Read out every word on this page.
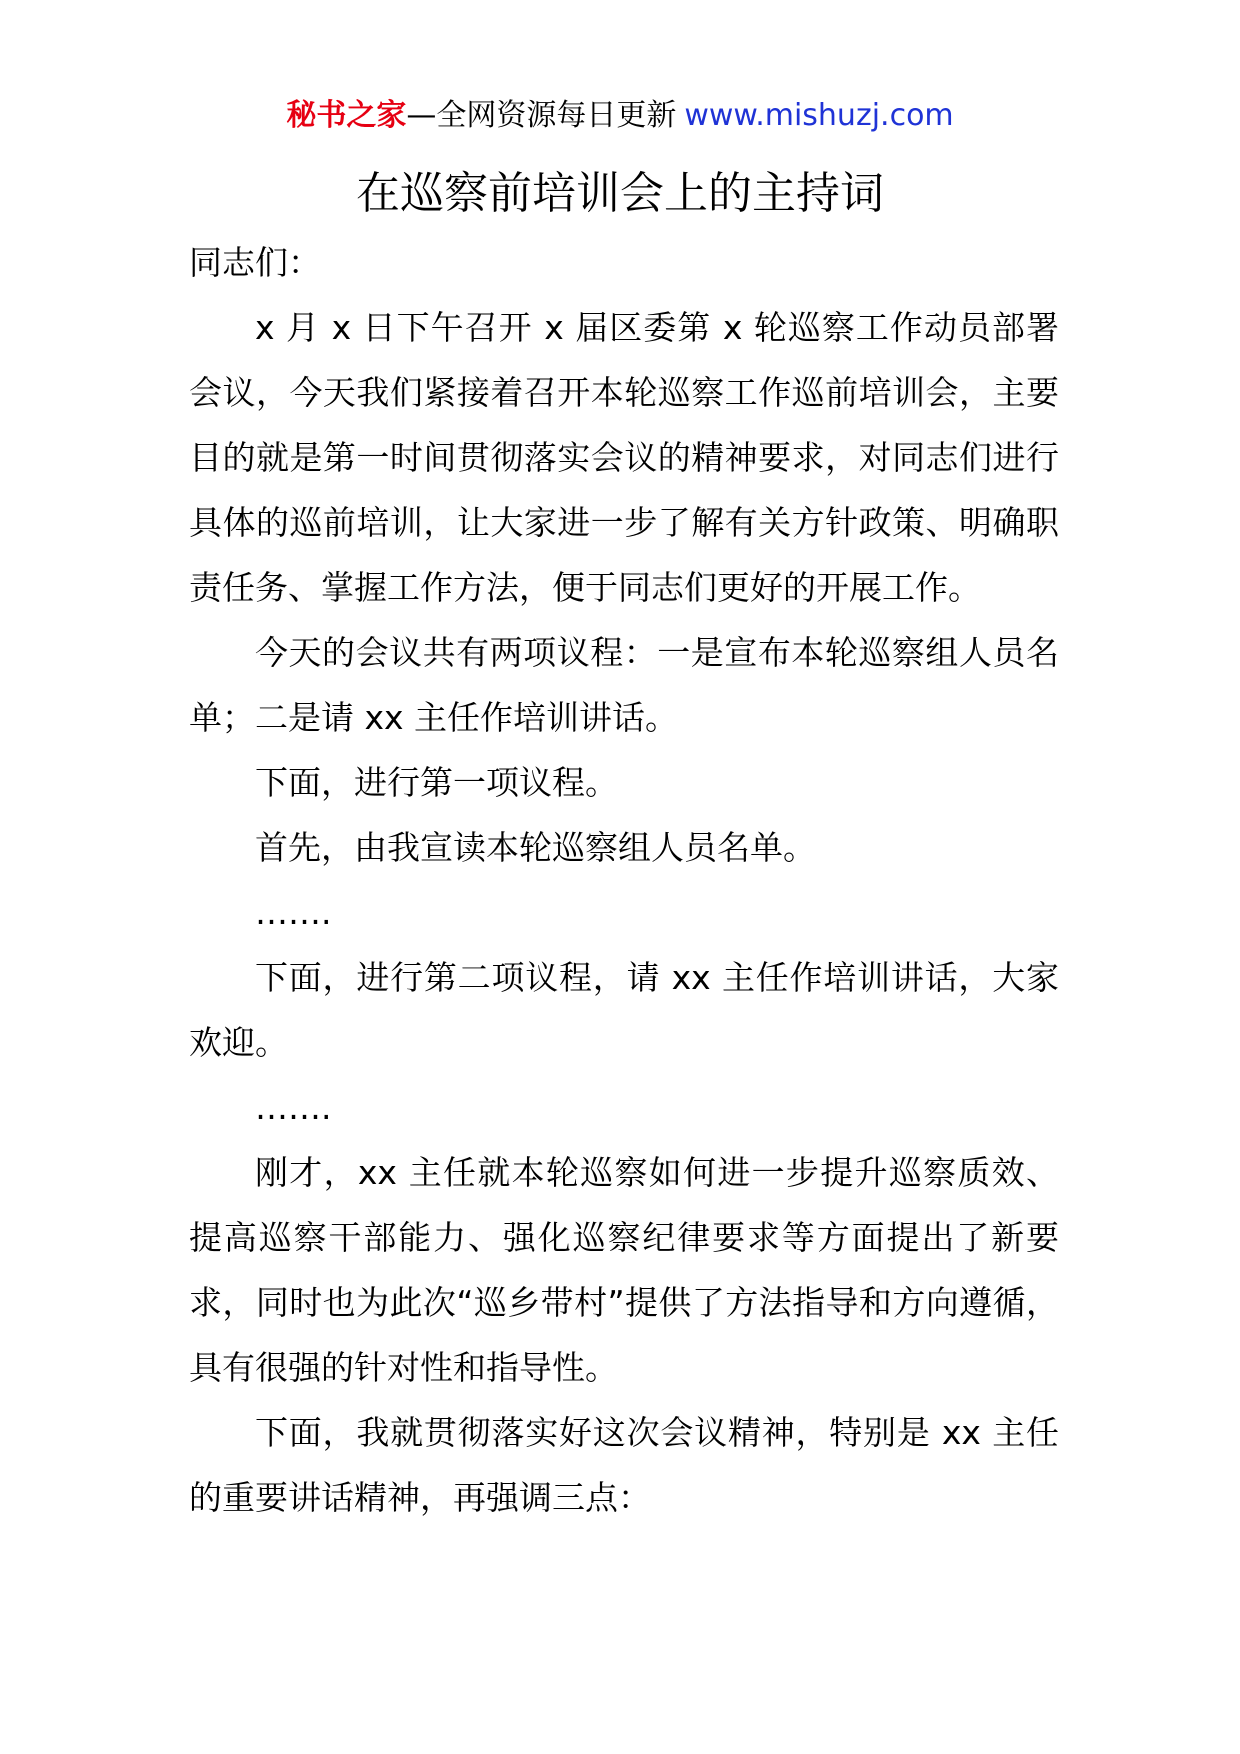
秘书之家—全网资源每日更新 www.mishuzj.com
在巡察前培训会上的主持词

同志们：

x 月 x 日下午召开 x 届区委第 x 轮巡察工作动员部署会议，今天我们紧接着召开本轮巡察工作巡前培训会，主要目的就是第一时间贯彻落实会议的精神要求，对同志们进行具体的巡前培训，让大家进一步了解有关方针政策、明确职责任务、掌握工作方法，便于同志们更好的开展工作。

今天的会议共有两项议程：一是宣布本轮巡察组人员名单；二是请 xx 主任作培训讲话。

下面，进行第一项议程。

首先，由我宣读本轮巡察组人员名单。

…….

下面，进行第二项议程，请 xx 主任作培训讲话，大家欢迎。

…….

刚才，xx 主任就本轮巡察如何进一步提升巡察质效、提高巡察干部能力、强化巡察纪律要求等方面提出了新要求，同时也为此次“巡乡带村”提供了方法指导和方向遵循，具有很强的针对性和指导性。

下面，我就贯彻落实好这次会议精神，特别是 xx 主任的重要讲话精神，再强调三点：
